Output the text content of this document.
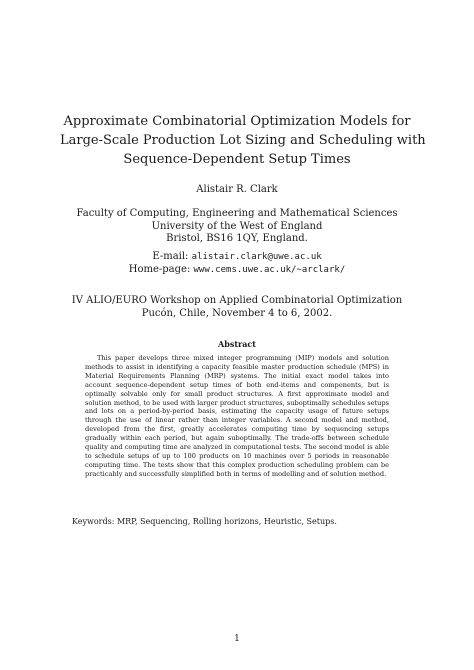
Approximate Combinatorial Optimization Models for
Large-Scale Production Lot Sizing and Scheduling with
Sequence-Dependent Setup Times
Alistair R. Clark
Faculty of Computing, Engineering and Mathematical Sciences
University of the West of England
Bristol, BS16 1QY, England.
E-mail: alistair.clark@uwe.ac.uk
Home-page: www.cems.uwe.ac.uk/∼arclark/
IV ALIO/EURO Workshop on Applied Combinatorial Optimization
Pucón, Chile, November 4 to 6, 2002.
Abstract

This paper develops three mixed integer programming (MIP) models and solution methods to assist in identifying a capacity feasible master production schedule (MPS) in Material Requirements Planning (MRP) systems. The initial exact model takes into account sequence-dependent setup times of both end-items and components, but is optimally solvable only for small product structures. A first approximate model and solution method, to be used with larger product structures, suboptimally schedules setups and lots on a period-by-period basis, estimating the capacity usage of future setups through the use of linear rather than integer variables. A second model and method, developed from the first, greatly accelerates computing time by sequencing setups gradually within each period, but again suboptimally. The trade-offs between schedule quality and computing time are analyzed in computational tests. The second model is able to schedule setups of up to 100 products on 10 machines over 5 periods in reasonable computing time. The tests show that this complex production scheduling problem can be practicably and successfully simplified both in terms of modelling and of solution method.

Keywords: MRP, Sequencing, Rolling horizons, Heuristic, Setups.
1
